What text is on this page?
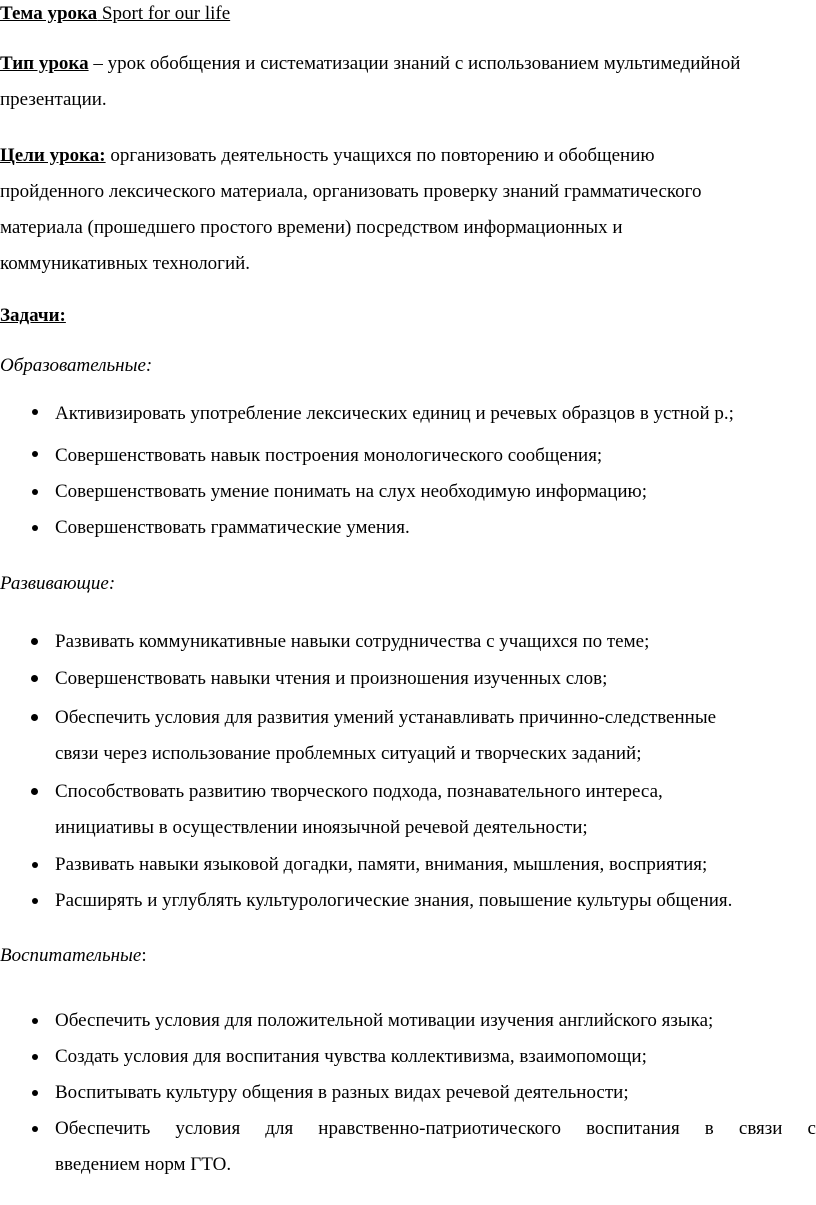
Тема урока Sport for our life
Тип урока – урок обобщения и систематизации знаний с использованием мультимедийной
презентации.
Цели урока: организовать деятельность учащихся по повторению и обобщению
пройденного лексического материала, организовать проверку знаний грамматического
материала (прошедшего простого времени) посредством информационных и
коммуникативных технологий.
Задачи:
Образовательные:
Активизировать употребление лексических единиц и речевых образцов в устной р.;
Совершенствовать навык построения монологического сообщения;
Совершенствовать умение понимать на слух необходимую информацию;
Совершенствовать грамматические умения.
Развивающие:
Развивать коммуникативные навыки сотрудничества с учащихся по теме;
Совершенствовать навыки чтения и произношения изученных слов;
Обеспечить условия для развития умений устанавливать причинно-следственные
связи через использование проблемных ситуаций и творческих заданий;
Способствовать развитию творческого подхода, познавательного интереса,
инициативы в осуществлении иноязычной речевой деятельности;
Развивать навыки языковой догадки, памяти, внимания, мышления, восприятия;
Расширять и углублять культурологические знания, повышение культуры общения.
Воспитательные:
Обеспечить условия для положительной мотивации изучения английского языка;
Создать условия для воспитания чувства коллективизма, взаимопомощи;
Воспитывать культуру общения в разных видах речевой деятельности;
Обеспечить условия для нравственно-патриотического воспитания в связи с
введением норм ГТО.
